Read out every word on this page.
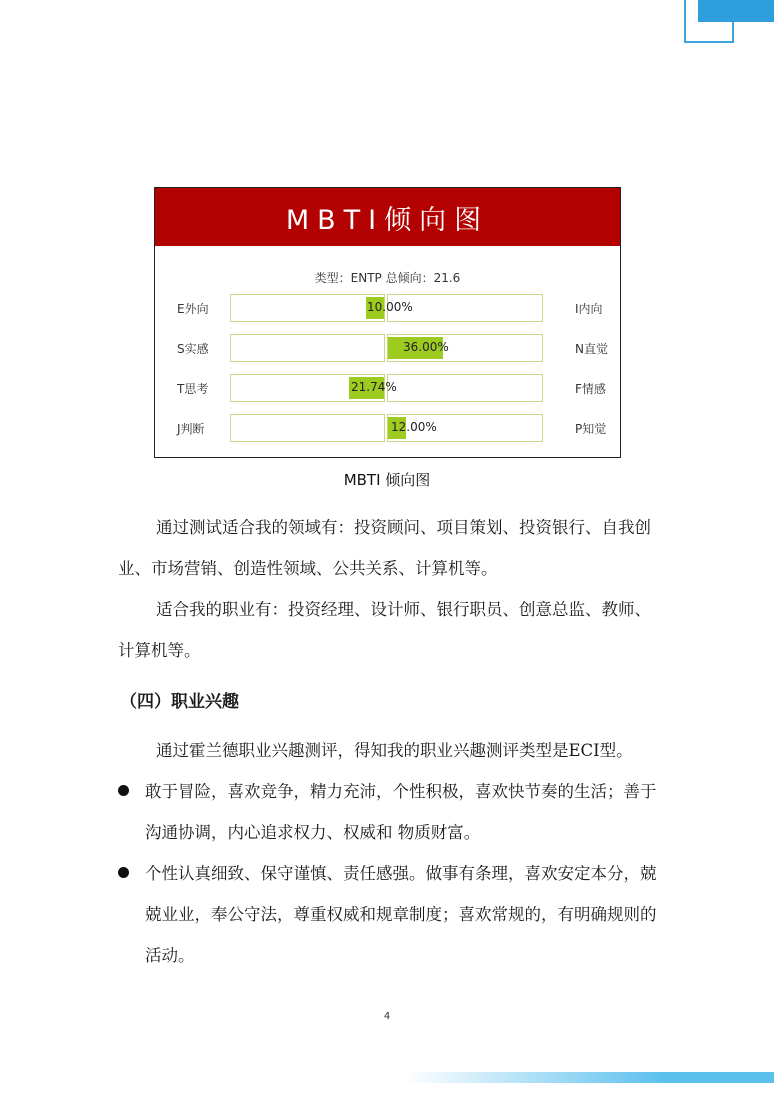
MBTI倾向图
类型：ENTP 总倾向：21.6
E外向	10.00%	I内向
S实感	36.00%	N直觉
T思考	21.74%	F情感
J判断	12.00%	P知觉
MBTI 倾向图

通过测试适合我的领域有：投资顾问、项目策划、投资银行、自我创业、市场营销、创造性领域、公共关系、计算机等。

适合我的职业有：投资经理、设计师、银行职员、创意总监、教师、计算机等。

（四）职业兴趣

通过霍兰德职业兴趣测评，得知我的职业兴趣测评类型是ECI型。

敢于冒险，喜欢竞争，精力充沛，个性积极，喜欢快节奏的生活；善于沟通协调，内心追求权力、权威和 物质财富。

个性认真细致、保守谨慎、责任感强。做事有条理，喜欢安定本分，兢兢业业，奉公守法，尊重权威和规章制度；喜欢常规的，有明确规则的活动。

4
